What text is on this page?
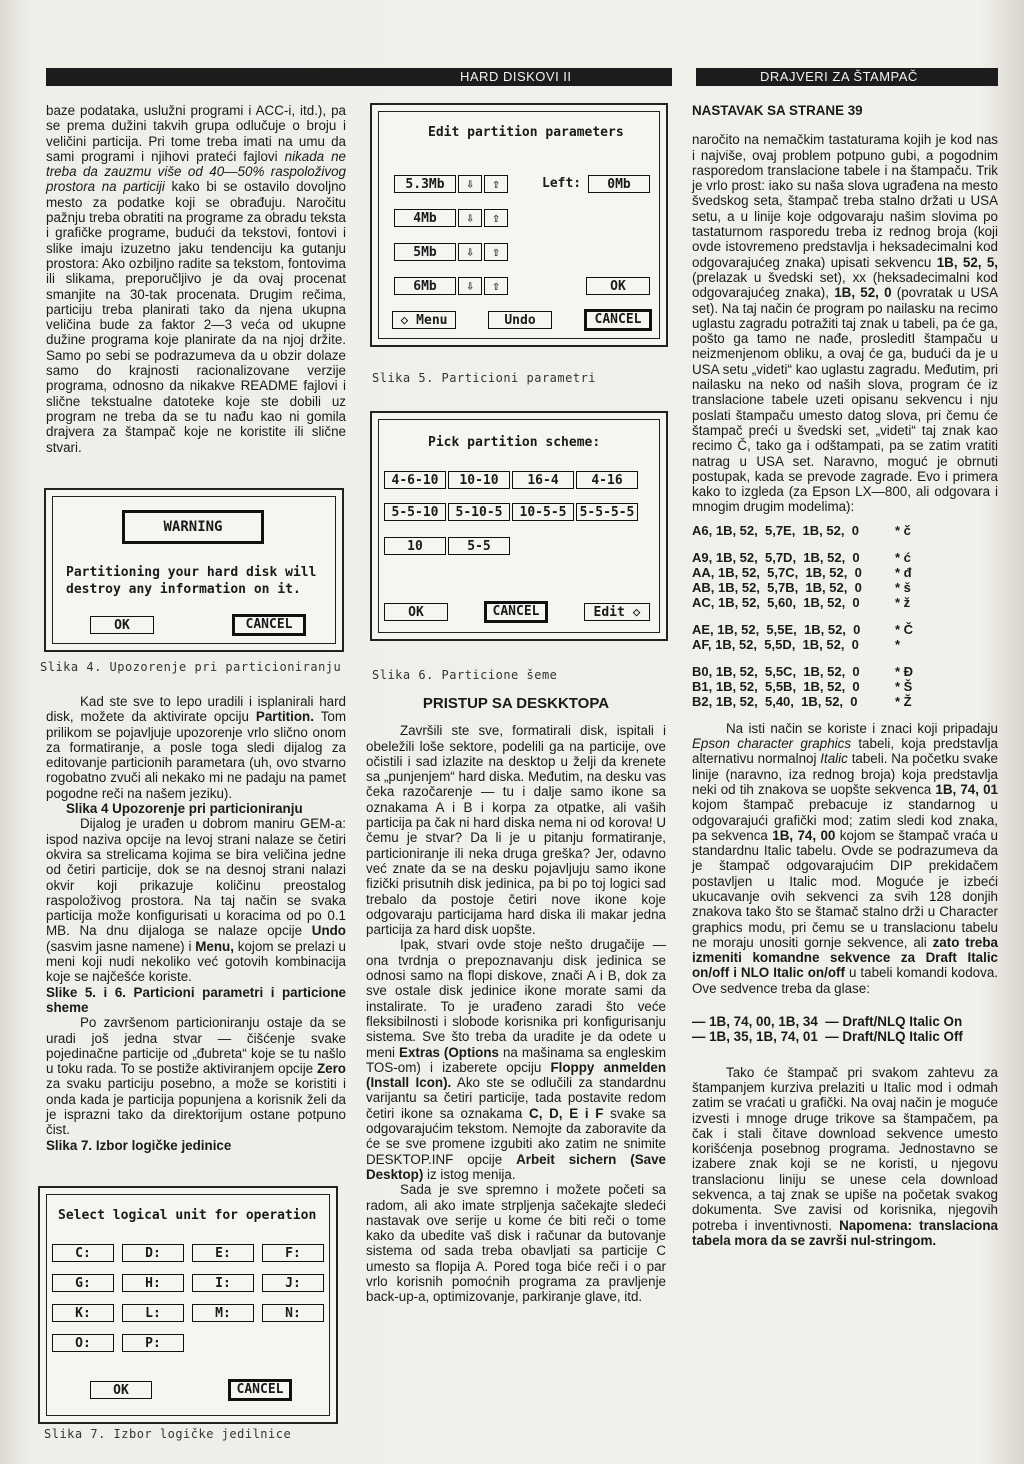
HARD DISKOVI II	DRAJVERI ZA ŠTAMPAČ

baze podataka, uslužni programi i ACC-i, itd.), pa se prema dužini takvih grupa odlučuje o broju i veličini particija. Pri tome treba imati na umu da sami programi i njihovi prateći fajlovi nikada ne treba da zauzmu više od 40—50% raspoloživog prostora na particiji kako bi se ostavilo dovoljno mesto za podatke koji se obrađuju. Naročitu pažnju treba obratiti na programe za obradu teksta i grafičke programe, budući da tekstovi, fontovi i slike imaju izuzetno jaku tendenciju ka gutanju prostora: Ako ozbiljno radite sa tekstom, fontovima ili slikama, preporučljivo je da ovaj procenat smanjite na 30-tak procenata. Drugim rečima, particiju treba planirati tako da njena ukupna veličina bude za faktor 2—3 veća od ukupne dužine programa koje planirate da na njoj držite. Samo po sebi se podrazumeva da u obzir dolaze samo do krajnosti racionalizovane verzije programa, odnosno da nikakve README fajlovi i slične tekstualne datoteke koje ste dobili uz program ne treba da se tu nađu kao ni gomila drajvera za štampač koje ne koristite ili slične stvari.

WARNING
Partitioning your hard disk will
destroy any information on it.
OK	CANCEL
Slika 4. Upozorenje pri particioniranju

Kad ste sve to lepo uradili i isplanirali hard disk, možete da aktivirate opciju Partition. Tom prilikom se pojavljuje upozorenje vrlo slično onom za formatiranje, a posle toga sledi dijalog za editovanje particionih parametara (uh, ovo stvarno rogobatno zvuči ali nekako mi ne padaju na pamet pogodne reči na našem jeziku).

Slika 4 Upozorenje pri particioniranju

Dijalog je urađen u dobrom maniru GEM-a: ispod naziva opcije na levoj strani nalaze se četiri okvira sa strelicama kojima se bira veličina jedne od četiri particije, dok se na desnoj strani nalazi okvir koji prikazuje količinu preostalog raspoloživog prostora. Na taj način se svaka particija može konfigurisati u koracima od po 0.1 MB. Na dnu dijaloga se nalaze opcije Undo (sasvim jasne namene) i Menu, kojom se prelazi u meni koji nudi nekoliko već gotovih kombinacija koje se najčešće koriste.

Slike 5. i 6. Particioni parametri i particione sheme

Po završenom particioniranju ostaje da se uradi još jedna stvar — čišćenje svake pojedinačne particije od „đubreta“ koje se tu našlo u toku rada. To se postiže aktiviranjem opcije Zero za svaku particiju posebno, a može se koristiti i onda kada je particija popunjena a korisnik želi da je isprazni tako da direktorijum ostane potpuno čist.

Slika 7. Izbor logičke jedinice

Select logical unit for operation
C:	D:	E:	F:
G:	H:	I:	J:
K:	L:	M:	N:
O:	P:
OK	CANCEL
Slika 7. Izbor logičke jedilnice
Edit partition parameters
5.3Mb	⇩	⇧	Left:	0Mb
4Mb	⇩	⇧
5Mb	⇩	⇧
6Mb	⇩	⇧	OK
◇ Menu	Undo	CANCEL
Slika 5. Particioni parametri
Pick partition scheme:
4-6-10	10-10	16-4	4-16
5-5-10	5-10-5	10-5-5	5-5-5-5
10	5-5
OK	CANCEL	Edit ◇
Slika 6. Particione šeme

PRISTUP SA DESKKTOPA

Završili ste sve, formatirali disk, ispitali i obeležili loše sektore, podelili ga na particije, ove očistili i sad izlazite na desktop u želji da krenete sa „punjenjem“ hard diska. Međutim, na desku vas čeka razočarenje — tu i dalje samo ikone sa oznakama A i B i korpa za otpatke, ali vaših particija pa čak ni hard diska nema ni od korova! U čemu je stvar? Da li je u pitanju formatiranje, particioniranje ili neka druga greška? Jer, odavno već znate da se na desku pojavljuju samo ikone fizički prisutnih disk jedinica, pa bi po toj logici sad trebalo da postoje četiri nove ikone koje odgovaraju particijama hard diska ili makar jedna particija za hard disk uopšte.

Ipak, stvari ovde stoje nešto drugačije — ona tvrdnja o prepoznavanju disk jedinica se odnosi samo na flopi diskove, znači A i B, dok za sve ostale disk jedinice ikone morate sami da instalirate. To je urađeno zaradi što veće fleksibilnosti i slobode korisnika pri konfigurisanju sistema. Sve što treba da uradite je da odete u meni Extras (Options na mašinama sa engleskim TOS-om) i izaberete opciju Floppy anmelden (Install Icon). Ako ste se odlučili za standardnu varijantu sa četiri particije, tada postavite redom četiri ikone sa oznakama C, D, E i F svake sa odgovarajućim tekstom. Nemojte da zaboravite da će se sve promene izgubiti ako zatim ne snimite DESKTOP.INF opcije Arbeit sichern (Save Desktop) iz istog menija.

Sada je sve spremno i možete početi sa radom, ali ako imate strpljenja sačekajte sledeći nastavak ove serije u kome će biti reči o tome kako da ubedite vaš disk i računar da butovanje sistema od sada treba obavljati sa particije C umesto sa flopija A. Pored toga biće reči i o par vrlo korisnih pomoćnih programa za pravljenje back-up-a, optimizovanje, parkiranje glave, itd.

NASTAVAK SA STRANE 39

naročito na nemačkim tastaturama kojih je kod nas i najviše, ovaj problem potpuno gubi, a pogodnim rasporedom translacione tabele i na štampaču. Trik je vrlo prost: iako su naša slova ugrađena na mesto švedskog seta, štampač treba stalno držati u USA setu, a u linije koje odgovaraju našim slovima po tastaturnom rasporedu treba iz rednog broja (koji ovde istovremeno predstavlja i heksadecimalni kod odgovarajućeg znaka) upisati sekvencu 1B, 52, 5, (prelazak u švedski set), xx (heksadecimalni kod odgovarajućeg znaka), 1B, 52, 0 (povratak u USA set). Na taj način će program po nailasku na recimo uglastu zagradu potražiti taj znak u tabeli, pa će ga, pošto ga tamo ne nađe, prosleditI štampaču u neizmenjenom obliku, a ovaj će ga, budući da je u USA setu „videti“ kao uglastu zagradu. Međutim, pri nailasku na neko od naših slova, program će iz translacione tabele uzeti opisanu sekvencu i nju poslati štampaču umesto datog slova, pri čemu će štampač preći u švedski set, „videti“ taj znak kao recimo Č, tako ga i odštampati, pa se zatim vratiti natrag u USA set. Naravno, moguć je obrnuti postupak, kada se prevode zagrade. Evo i primera kako to izgleda (za Epson LX—800, ali odgovara i mnogim drugim modelima):

A6, 1B, 52,  5,7E,  1B, 52,  0	* č
A9, 1B, 52,  5,7D,  1B, 52,  0	* ć
AA, 1B, 52,  5,7C,  1B, 52,  0	* đ
AB, 1B, 52,  5,7B,  1B, 52,  0	* š
AC, 1B, 52,  5,60,  1B, 52,  0	* ž
AE, 1B, 52,  5,5E,  1B, 52,  0	* Č
AF, 1B, 52,  5,5D,  1B, 52,  0	*
B0, 1B, 52,  5,5C,  1B, 52,  0	* Đ
B1, 1B, 52,  5,5B,  1B, 52,  0	* Š
B2, 1B, 52,  5,40,  1B, 52,  0	* Ž

Na isti način se koriste i znaci koji pripadaju Epson character graphics tabeli, koja predstavlja alternativu normalnoj Italic tabeli. Na početku svake linije (naravno, iza rednog broja) koja predstavlja neki od tih znakova se uopšte sekvenca 1B, 74, 01 kojom štampač prebacuje iz standarnog u odgovarajući grafički mod; zatim sledi kod znaka, pa sekvenca 1B, 74, 00 kojom se štampač vraća u standardnu Italic tabelu. Ovde se podrazumeva da je štampač odgovarajućim DIP prekidačem postavljen u Italic mod. Moguće je izbeći ukucavanje ovih sekvenci za svih 128 donjih znakova tako što se štamač stalno drži u Character graphics modu, pri čemu se u translacionu tabelu ne moraju unositi gornje sekvence, ali zato treba izmeniti komandne sekvence za Draft Italic on/off i NLO Italic on/off u tabeli komandi kodova. Ove sedvence treba da glase:

— 1B, 74, 00, 1B, 34  — Draft/NLQ Italic On

— 1B, 35, 1B, 74, 01  — Draft/NLQ Italic Off

Tako će štampač pri svakom zahtevu za štampanjem kurziva prelaziti u Italic mod i odmah zatim se vraćati u grafički. Na ovaj način je moguće izvesti i mnoge druge trikove sa štampačem, pa čak i stali čitave download sekvence umesto korišćenja posebnog programa. Jednostavno se izabere znak koji se ne koristi, u njegovu translacionu liniju se unese cela download sekvenca, a taj znak se upiše na početak svakog dokumenta. Sve zavisi od korisnika, njegovih potreba i inventivnosti. Napomena: translaciona tabela mora da se završi nul-stringom.
